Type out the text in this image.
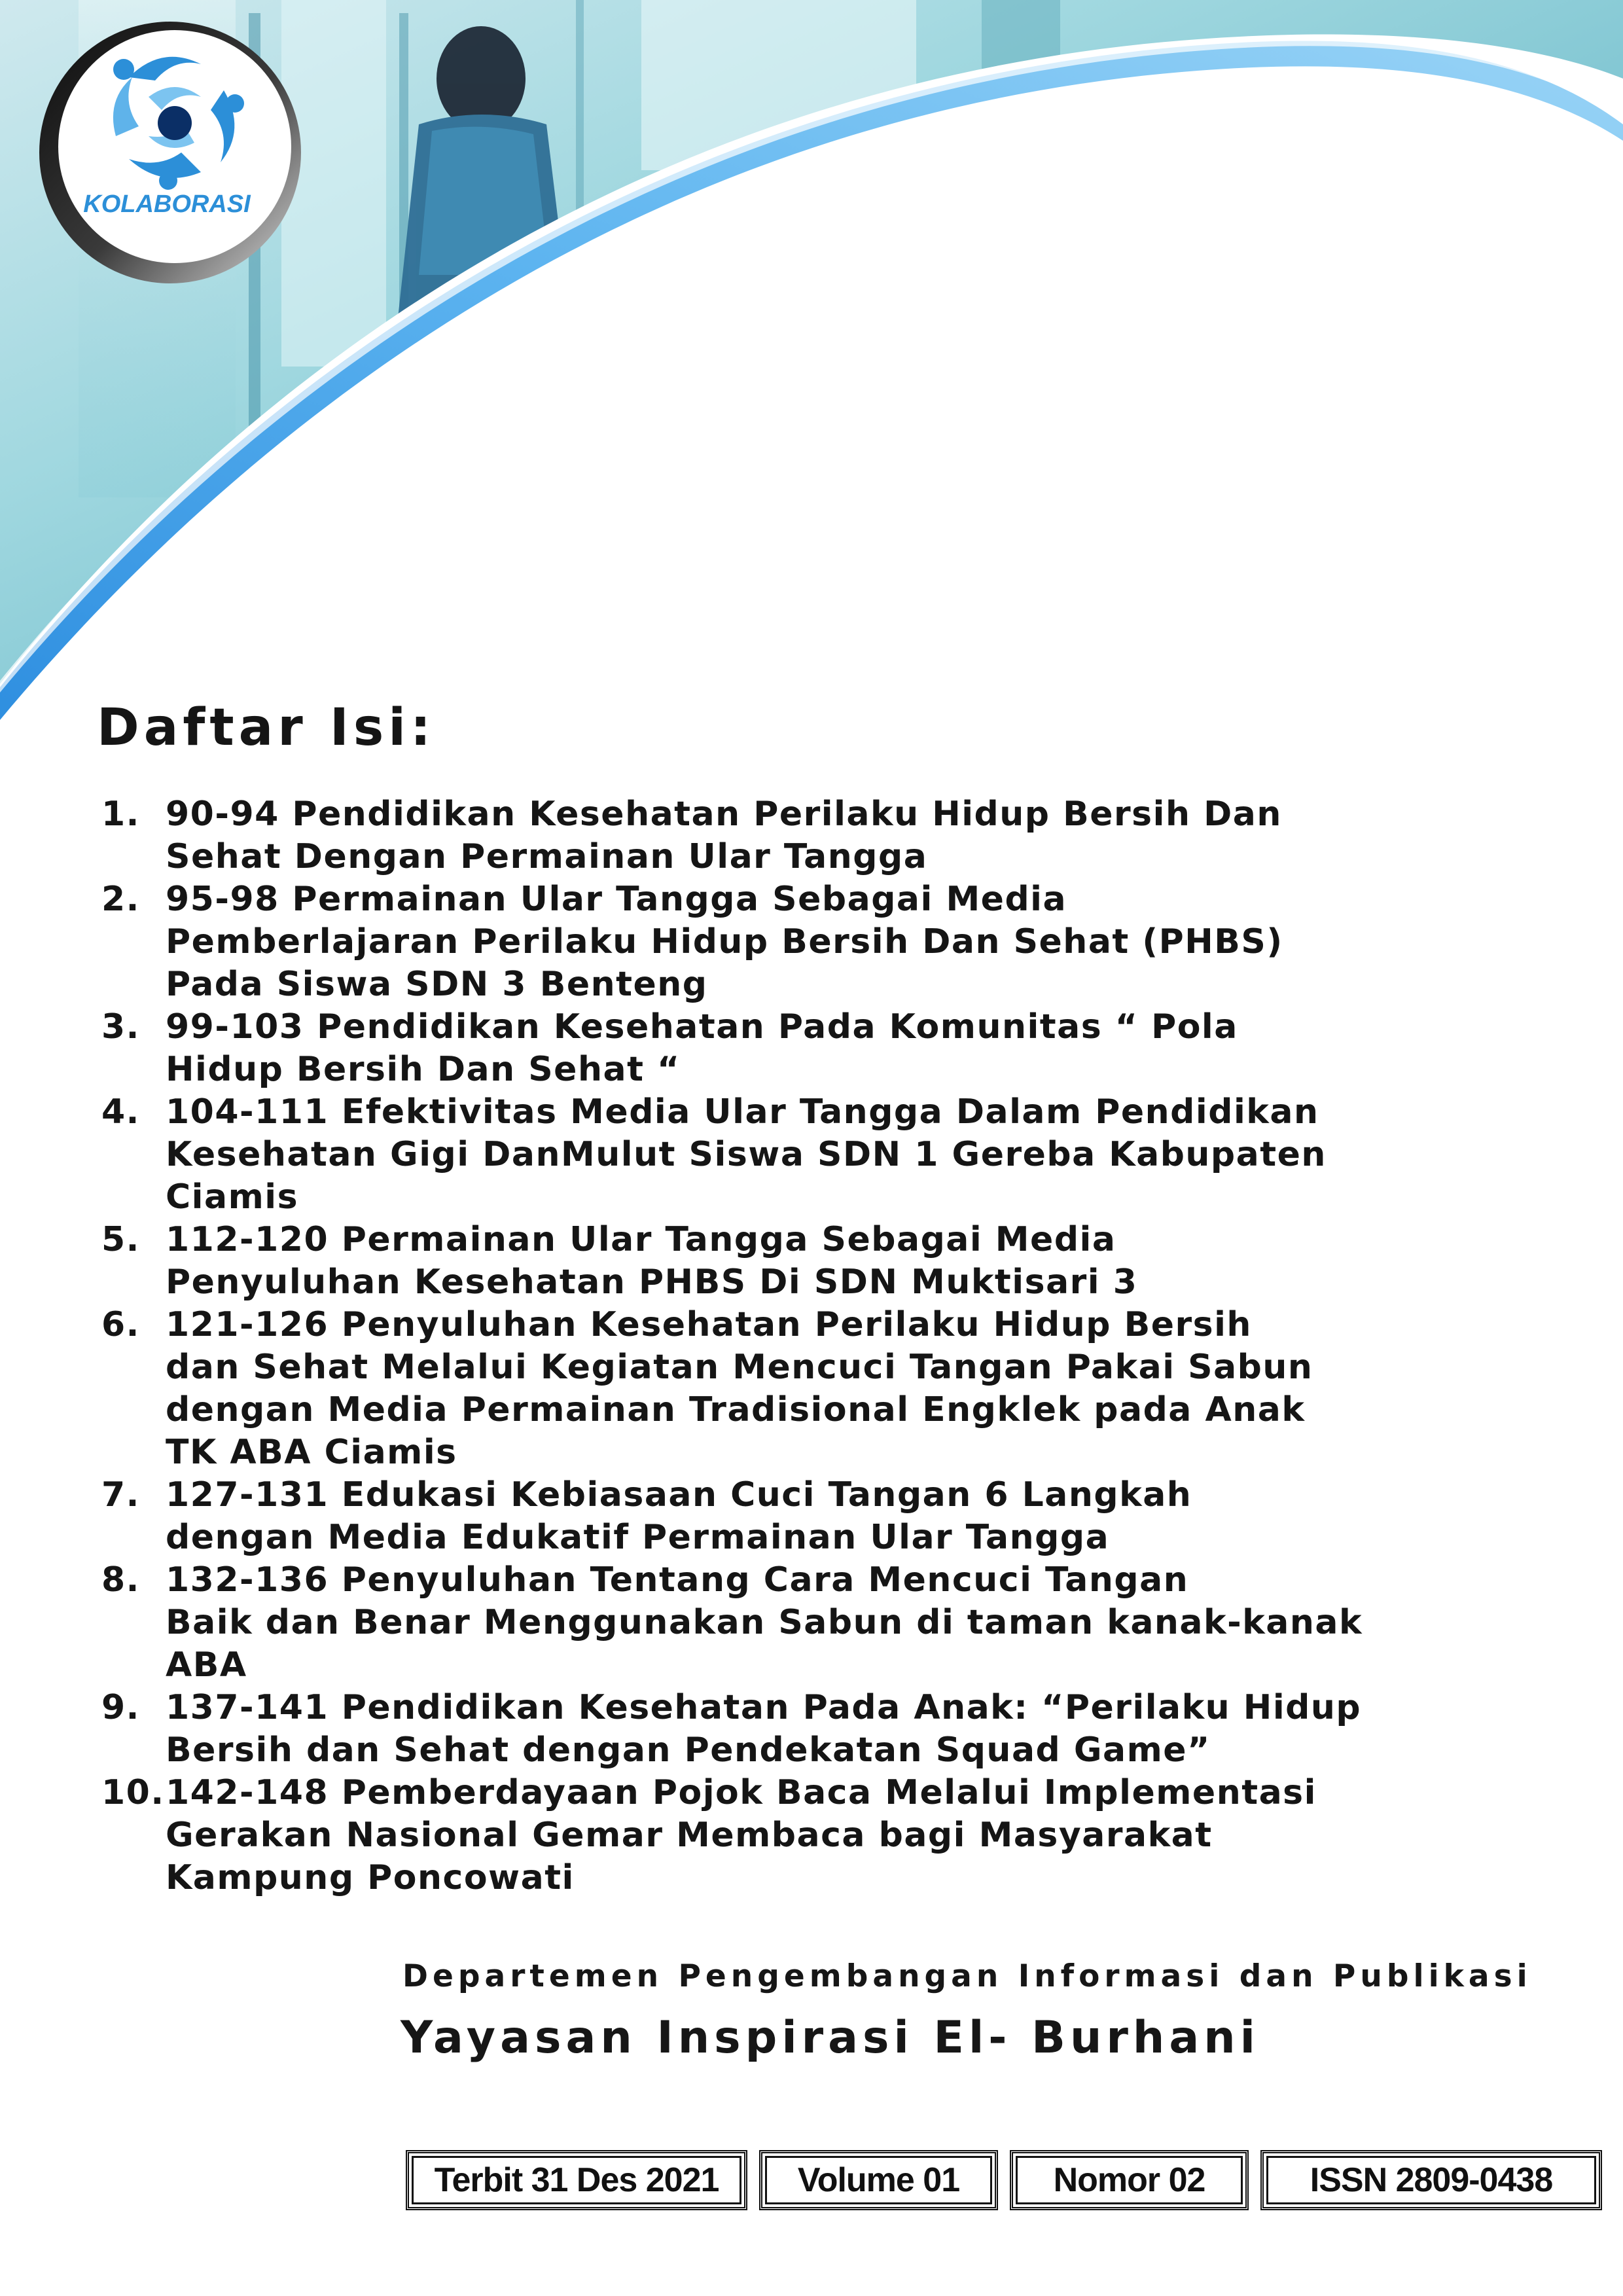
KOLABORASI
Daftar Isi:
1. 90-94 Pendidikan Kesehatan Perilaku Hidup Bersih Dan
Sehat Dengan Permainan Ular Tangga
2. 95-98 Permainan Ular Tangga Sebagai Media
Pemberlajaran Perilaku Hidup Bersih Dan Sehat (PHBS)
Pada Siswa SDN 3 Benteng
3. 99-103 Pendidikan Kesehatan Pada Komunitas “ Pola
Hidup Bersih Dan Sehat “
4. 104-111 Efektivitas Media Ular Tangga Dalam Pendidikan
Kesehatan Gigi DanMulut Siswa SDN 1 Gereba Kabupaten
Ciamis
5. 112-120 Permainan Ular Tangga Sebagai Media
Penyuluhan Kesehatan PHBS Di SDN Muktisari 3
6. 121-126 Penyuluhan Kesehatan Perilaku Hidup Bersih
dan Sehat Melalui Kegiatan Mencuci Tangan Pakai Sabun
dengan Media Permainan Tradisional Engklek pada Anak
TK ABA Ciamis
7. 127-131 Edukasi Kebiasaan Cuci Tangan 6 Langkah
dengan Media Edukatif Permainan Ular Tangga
8. 132-136 Penyuluhan Tentang Cara Mencuci Tangan
Baik dan Benar Menggunakan Sabun di taman kanak-kanak
ABA
9. 137-141 Pendidikan Kesehatan Pada Anak: “Perilaku Hidup
Bersih dan Sehat dengan Pendekatan Squad Game”
10. 142-148 Pemberdayaan Pojok Baca Melalui Implementasi
Gerakan Nasional Gemar Membaca bagi Masyarakat
Kampung Poncowati
Departemen Pengembangan Informasi dan Publikasi
Yayasan Inspirasi El- Burhani
Terbit 31 Des 2021 Volume 01	Nomor 02	ISSN 2809-0438
